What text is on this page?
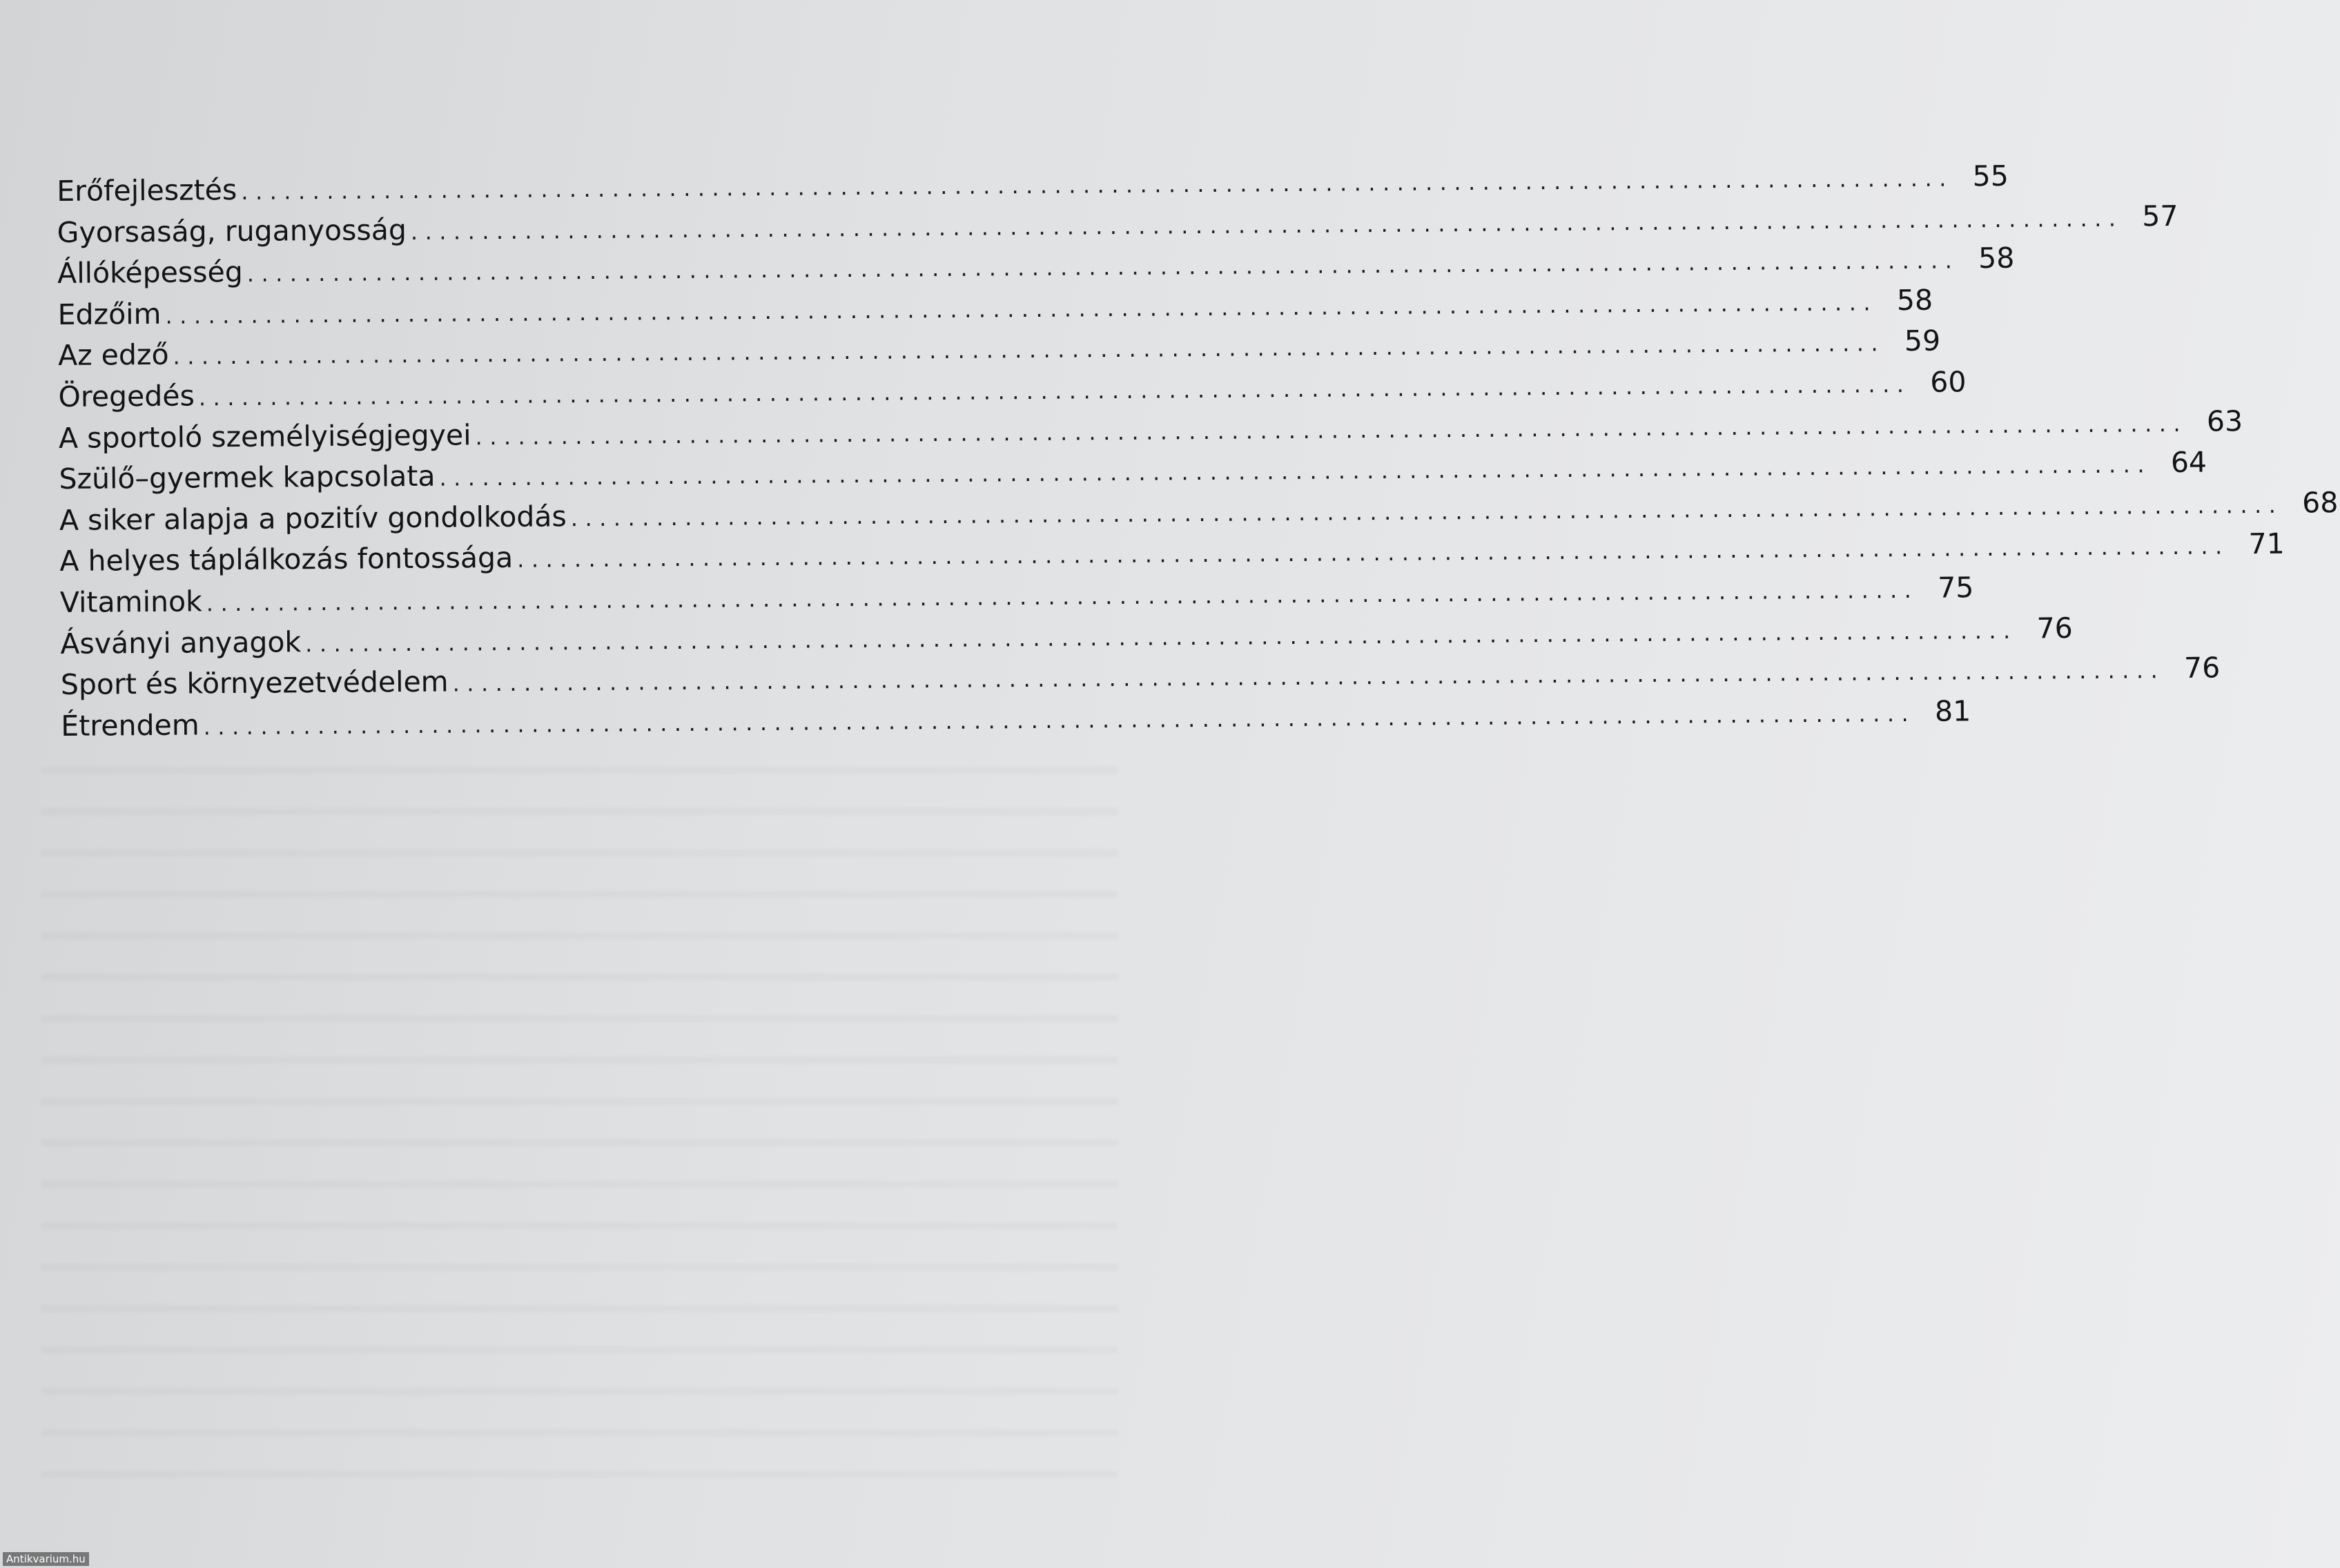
Erőfejlesztés ........................................................................................................................ 55
Gyorsaság, ruganyosság ........................................................................................................................ 57
Állóképesség ........................................................................................................................ 58
Edzőim ........................................................................................................................ 58
Az edző ........................................................................................................................ 59
Öregedés ........................................................................................................................ 60
A sportoló személyiségjegyei ........................................................................................................................ 63
Szülő–gyermek kapcsolata ........................................................................................................................ 64
A siker alapja a pozitív gondolkodás ........................................................................................................................ 68
A helyes táplálkozás fontossága ........................................................................................................................ 71
Vitaminok ........................................................................................................................ 75
Ásványi anyagok ........................................................................................................................ 76
Sport és környezetvédelem ........................................................................................................................ 76
Étrendem ........................................................................................................................ 81
Antikvarium.hu
